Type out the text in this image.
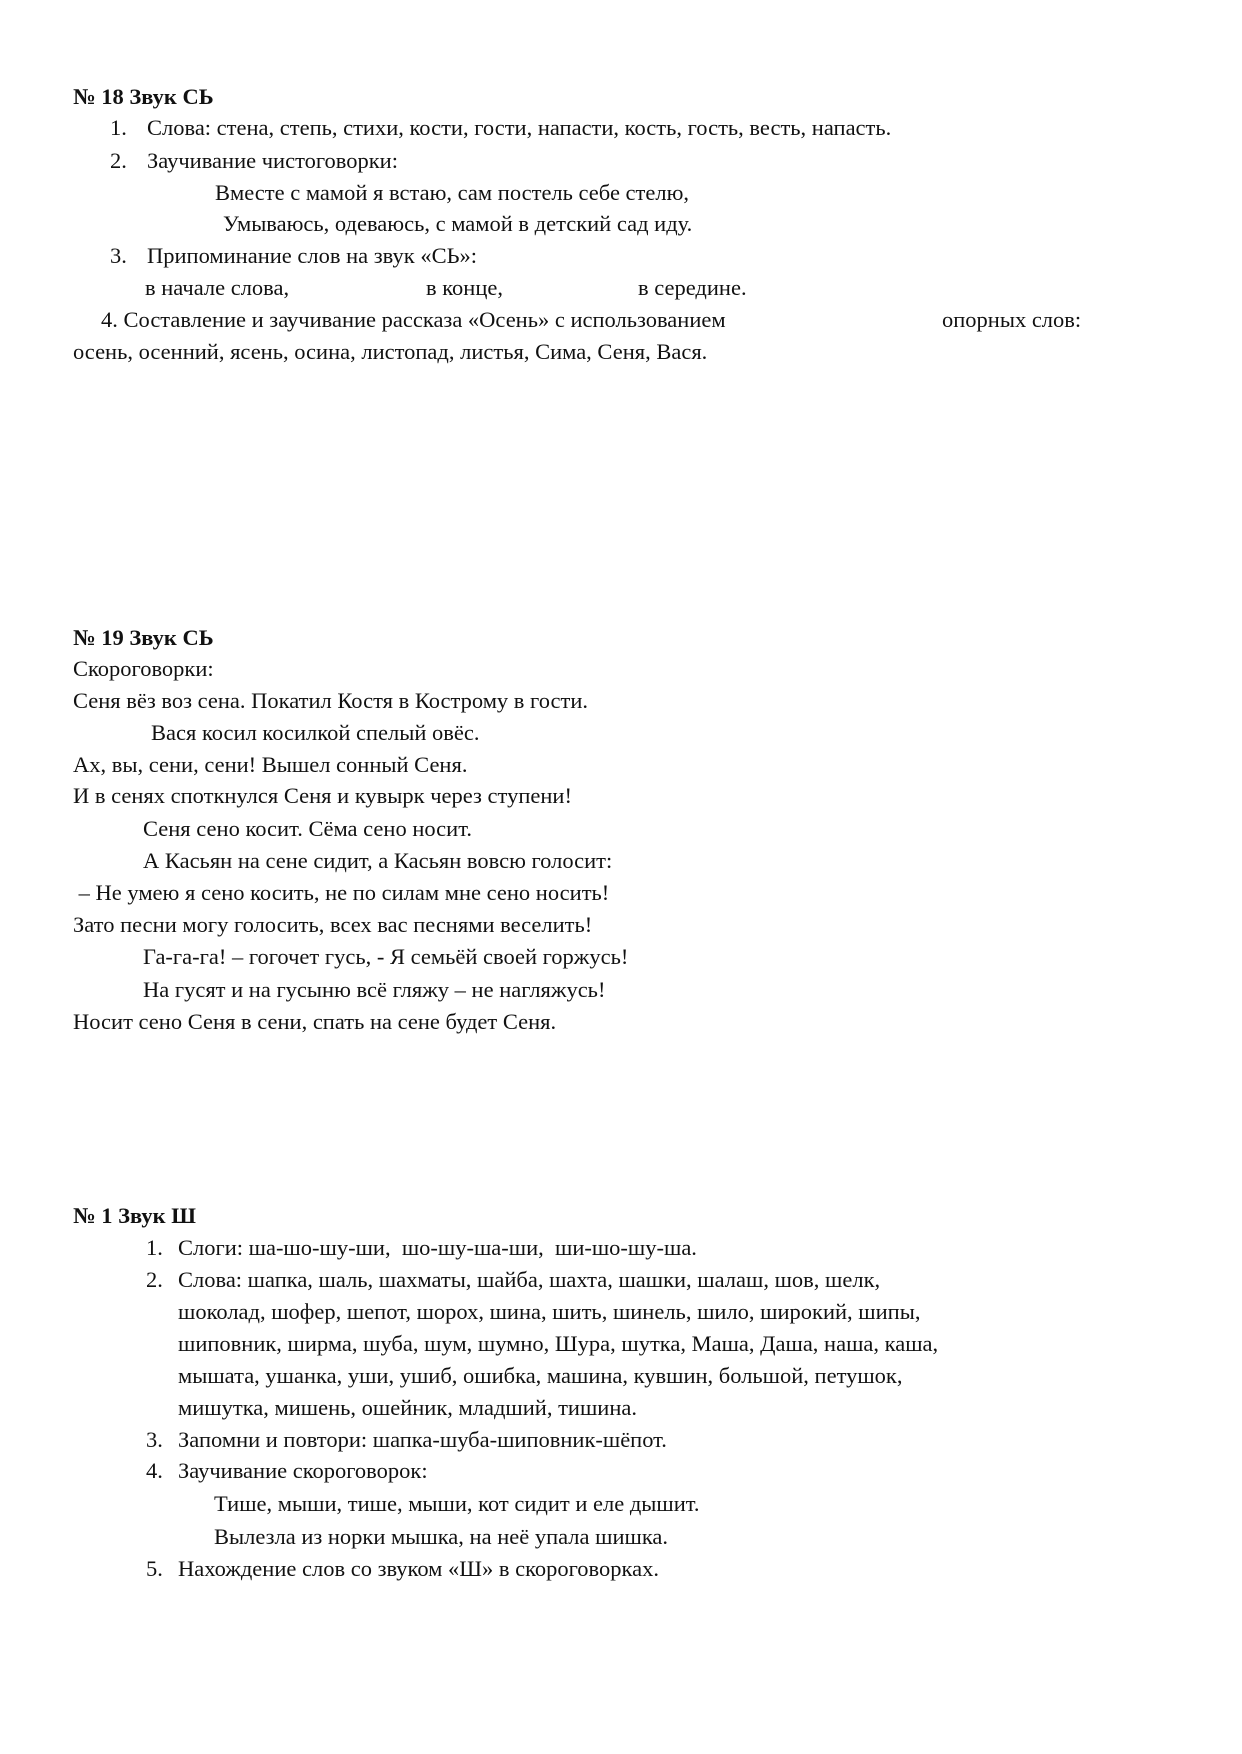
№ 18 Звук СЬ
1. Слова: стена, степь, стихи, кости, гости, напасти, кость, гость, весть, напасть.
2. Заучивание чистоговорки:
Вместе с мамой я встаю, сам постель себе стелю,
Умываюсь, одеваюсь, с мамой в детский сад иду.
3. Припоминание слов на звук «СЬ»:
в начале слова,	в конце,	в середине.
4. Составление и заучивание рассказа «Осень» с использованием	опорных слов:
осень, осенний, ясень, осина, листопад, листья, Сима, Сеня, Вася.
№ 19 Звук СЬ
Скороговорки:
Сеня вёз воз сена. Покатил Костя в Кострому в гости.
Вася косил косилкой спелый овёс.
Ах, вы, сени, сени! Вышел сонный Сеня.
И в сенях споткнулся Сеня и кувырк через ступени!
Сеня сено косит. Сёма сено носит.
А Касьян на сене сидит, а Касьян вовсю голосит:
– Не умею я сено косить, не по силам мне сено носить!
Зато песни могу голосить, всех вас песнями веселить!
Га-га-га! – гогочет гусь, - Я семьёй своей горжусь!
На гусят и на гусыню всё гляжу – не нагляжусь!
Носит сено Сеня в сени, спать на сене будет Сеня.
№ 1 Звук Ш
1. Слоги: ша-шо-шу-ши,  шо-шу-ша-ши,  ши-шо-шу-ша.
2. Слова: шапка, шаль, шахматы, шайба, шахта, шашки, шалаш, шов, шелк,
шоколад, шофер, шепот, шорох, шина, шить, шинель, шило, широкий, шипы,
шиповник, ширма, шуба, шум, шумно, Шура, шутка, Маша, Даша, наша, каша,
мышата, ушанка, уши, ушиб, ошибка, машина, кувшин, большой, петушок,
мишутка, мишень, ошейник, младший, тишина.
3. Запомни и повтори: шапка-шуба-шиповник-шёпот.
4. Заучивание скороговорок:
Тише, мыши, тише, мыши, кот сидит и еле дышит.
Вылезла из норки мышка, на неё упала шишка.
5. Нахождение слов со звуком «Ш» в скороговорках.
